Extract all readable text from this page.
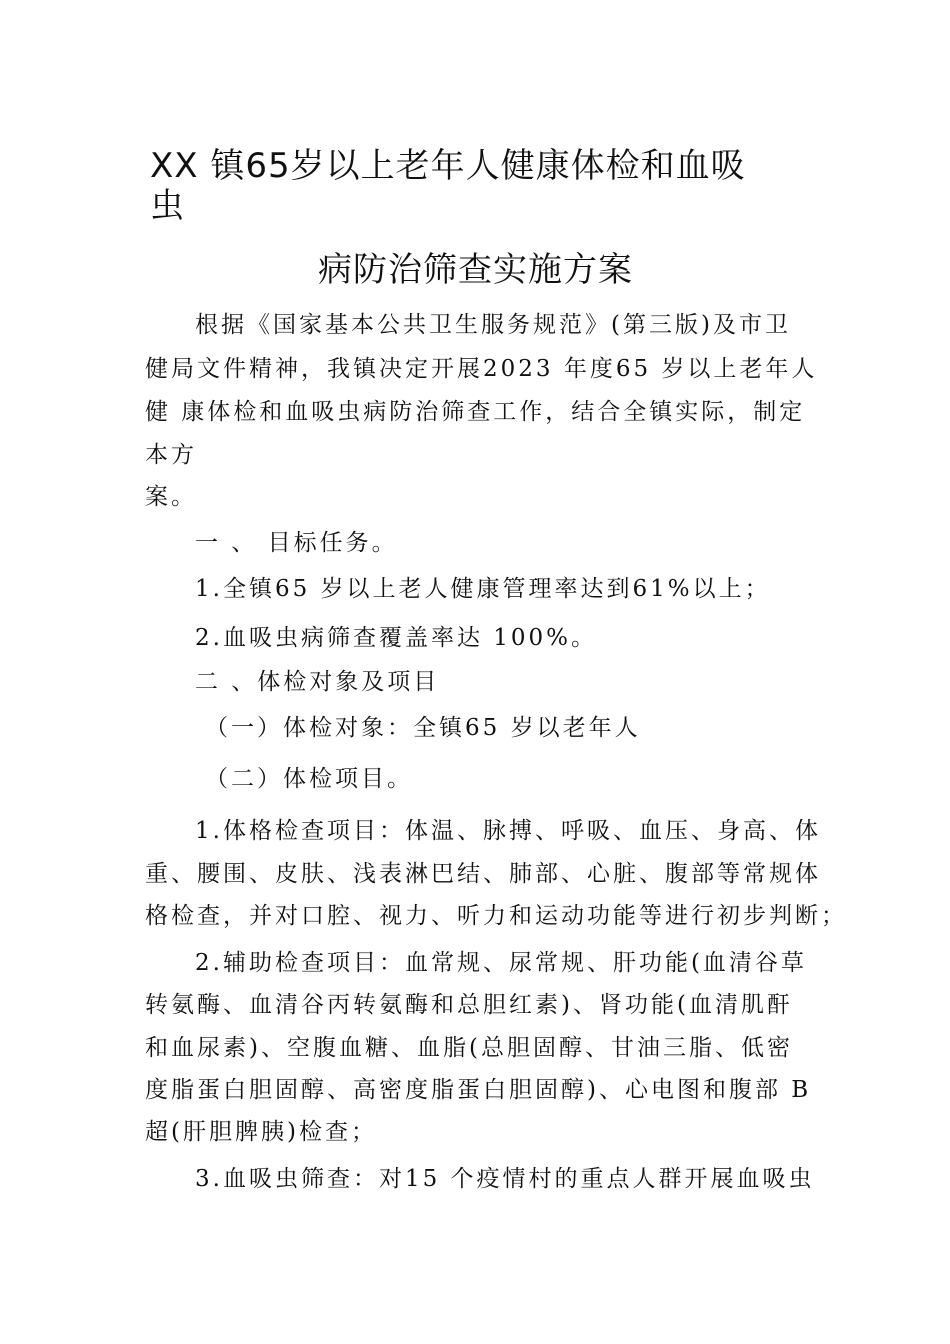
XX 镇65岁以上老年人健康体检和血吸
虫
病防治筛查实施方案
根据《国家基本公共卫生服务规范》(第三版)及市卫
健局文件精神，我镇决定开展2023 年度65 岁以上老年人
健 康体检和血吸虫病防治筛查工作，结合全镇实际，制定
本方
案。
一 、 目标任务。
1.全镇65 岁以上老人健康管理率达到61%以上；
2.血吸虫病筛查覆盖率达 100%。
二 、体检对象及项目
（一）体检对象：全镇65 岁以老年人
（二）体检项目。
1.体格检查项目：体温、脉搏、呼吸、血压、身高、体
重、腰围、皮肤、浅表淋巴结、肺部、心脏、腹部等常规体
格检查，并对口腔、视力、听力和运动功能等进行初步判断；
2.辅助检查项目：血常规、尿常规、肝功能(血清谷草
转氨酶、血清谷丙转氨酶和总胆红素)、肾功能(血清肌酐
和血尿素)、空腹血糖、血脂(总胆固醇、甘油三脂、低密
度脂蛋白胆固醇、高密度脂蛋白胆固醇)、心电图和腹部 B
超(肝胆脾胰)检查；
3.血吸虫筛查：对15 个疫情村的重点人群开展血吸虫
